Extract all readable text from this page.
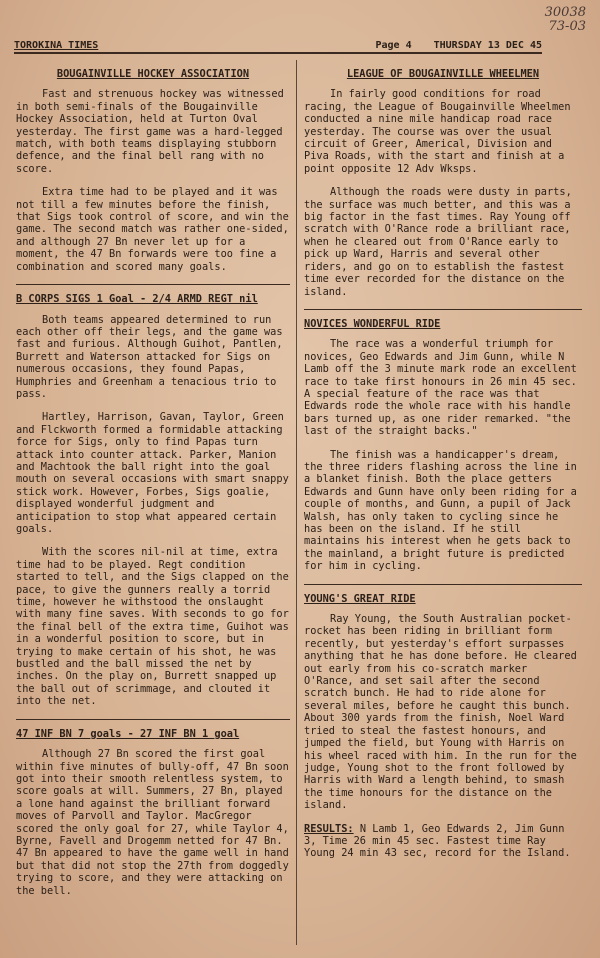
30038
73-03
TOROKINA TIMES	Page 4 THURSDAY 13 DEC 45
BOUGAINVILLE HOCKEY ASSOCIATION

Fast and strenuous hockey was witnessed in both semi-finals of the Bougainville Hockey Association, held at Turton Oval yesterday. The first game was a hard-legged match, with both teams displaying stubborn defence, and the final bell rang with no score.

Extra time had to be played and it was not till a few minutes before the finish, that Sigs took control of score, and win the game. The second match was rather one-sided, and although 27 Bn never let up for a moment, the 47 Bn forwards were too fine a combination and scored many goals.

B CORPS SIGS 1 Goal - 2/4 ARMD REGT nil

Both teams appeared determined to run each other off their legs, and the game was fast and furious. Although Guihot, Pantlen, Burrett and Waterson attacked for Sigs on numerous occasions, they found Papas, Humphries and Greenham a tenacious trio to pass.

Hartley, Harrison, Gavan, Taylor, Green and Flckworth formed a formidable attacking force for Sigs, only to find Papas turn attack into counter attack. Parker, Manion and Machtook the ball right into the goal mouth on several occasions with smart snappy stick work. However, Forbes, Sigs goalie, displayed wonderful judgment and anticipation to stop what appeared certain goals.

With the scores nil-nil at time, extra time had to be played. Regt condition started to tell, and the Sigs clapped on the pace, to give the gunners really a torrid time, however he withstood the onslaught with many fine saves. With seconds to go for the final bell of the extra time, Guihot was in a wonderful position to score, but in trying to make certain of his shot, he was bustled and the ball missed the net by inches. On the play on, Burrett snapped up the ball out of scrimmage, and clouted it into the net.

47 INF BN 7 goals - 27 INF BN 1 goal

Although 27 Bn scored the first goal within five minutes of bully-off, 47 Bn soon got into their smooth relentless system, to score goals at will. Summers, 27 Bn, played a lone hand against the brilliant forward moves of Parvoll and Taylor. MacGregor scored the only goal for 27, while Taylor 4, Byrne, Favell and Drogemm netted for 47 Bn. 47 Bn appeared to have the game well in hand but that did not stop the 27th from doggedly trying to score, and they were attacking on the bell.

LEAGUE OF BOUGAINVILLE WHEELMEN

In fairly good conditions for road racing, the League of Bougainville Wheelmen conducted a nine mile handicap road race yesterday. The course was over the usual circuit of Greer, Americal, Division and Piva Roads, with the start and finish at a point opposite 12 Adv Wksps.

Although the roads were dusty in parts, the surface was much better, and this was a big factor in the fast times. Ray Young off scratch with O'Rance rode a brilliant race, when he cleared out from O'Rance early to pick up Ward, Harris and several other riders, and go on to establish the fastest time ever recorded for the distance on the island.

NOVICES WONDERFUL RIDE

The race was a wonderful triumph for novices, Geo Edwards and Jim Gunn, while N Lamb off the 3 minute mark rode an excellent race to take first honours in 26 min 45 sec. A special feature of the race was that Edwards rode the whole race with his handle bars turned up, as one rider remarked. "the last of the straight backs."

The finish was a handicapper's dream, the three riders flashing across the line in a blanket finish. Both the place getters Edwards and Gunn have only been riding for a couple of months, and Gunn, a pupil of Jack Walsh, has only taken to cycling since he has been on the island. If he still maintains his interest when he gets back to the mainland, a bright future is predicted for him in cycling.

YOUNG'S GREAT RIDE

Ray Young, the South Australian pocket-rocket has been riding in brilliant form recently, but yesterday's effort surpasses anything that he has done before. He cleared out early from his co-scratch marker O'Rance, and set sail after the second scratch bunch. He had to ride alone for several miles, before he caught this bunch. About 300 yards from the finish, Noel Ward tried to steal the fastest honours, and jumped the field, but Young with Harris on his wheel raced with him. In the run for the judge, Young shot to the front followed by Harris with Ward a length behind, to smash the time honours for the distance on the island.

RESULTS: N Lamb 1, Geo Edwards 2, Jim Gunn 3, Time 26 min 45 sec. Fastest time Ray Young 24 min 43 sec, record for the Island.
